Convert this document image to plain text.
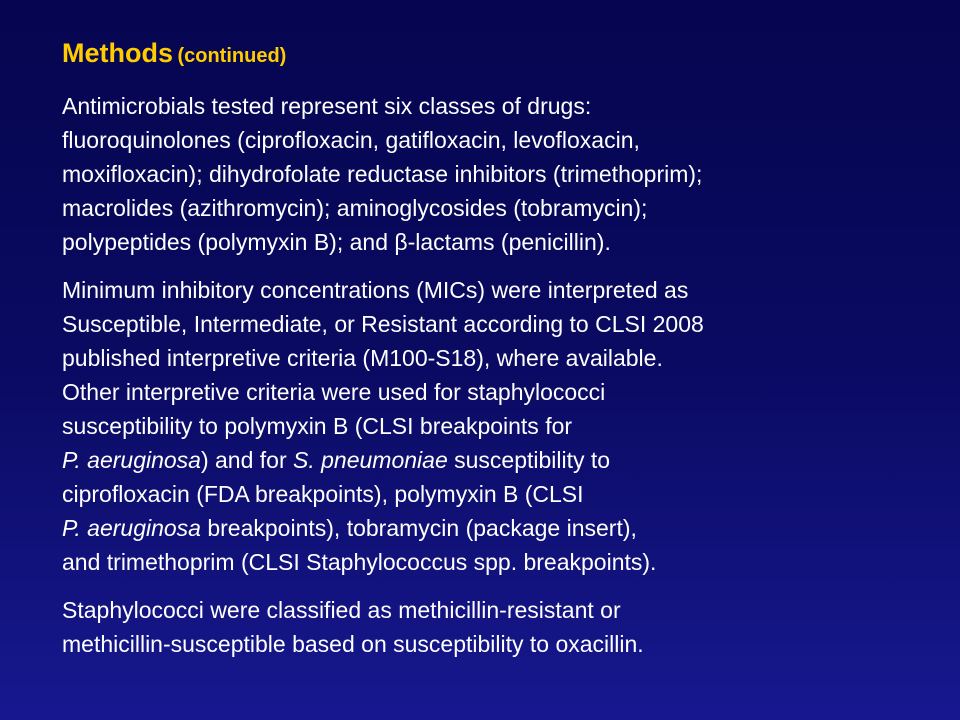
Methods (continued)
Antimicrobials tested represent six classes of drugs:
fluoroquinolones (ciprofloxacin, gatifloxacin, levofloxacin,
moxifloxacin); dihydrofolate reductase inhibitors (trimethoprim);
macrolides (azithromycin); aminoglycosides (tobramycin);
polypeptides (polymyxin B); and β-lactams (penicillin).
Minimum inhibitory concentrations (MICs) were interpreted as
Susceptible, Intermediate, or Resistant according to CLSI 2008
published interpretive criteria (M100-S18), where available.
Other interpretive criteria were used for staphylococci
susceptibility to polymyxin B (CLSI breakpoints for
P. aeruginosa) and for S. pneumoniae susceptibility to
ciprofloxacin (FDA breakpoints), polymyxin B (CLSI
P. aeruginosa breakpoints), tobramycin (package insert),
and trimethoprim (CLSI Staphylococcus spp. breakpoints).
Staphylococci were classified as methicillin-resistant or
methicillin-susceptible based on susceptibility to oxacillin.
